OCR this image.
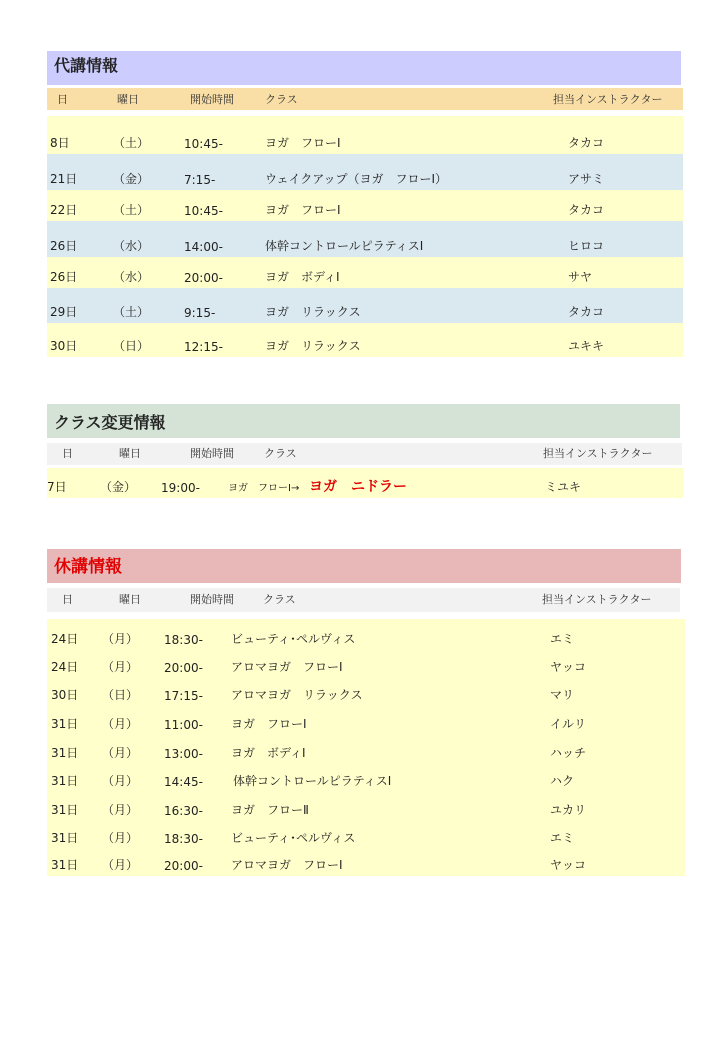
代講情報
日	曜日	開始時間	クラス	担当インストラクター
8日	（土）	10:45-	ヨガ　フローⅠ	タカコ
21日	（金）	7:15-	ウェイクアップ（ヨガ　フローⅠ）	アサミ
22日	（土）	10:45-	ヨガ　フローⅠ	タカコ
26日	（水）	14:00-	体幹コントロールピラティスⅠ	ヒロコ
26日	（水）	20:00-	ヨガ　ボディⅠ	サヤ
29日	（土）	9:15-	ヨガ　リラックス	タカコ
30日	（日）	12:15-	ヨガ　リラックス	ユキキ
クラス変更情報
日	曜日	開始時間	クラス	担当インストラクター
7日	（金） 19:00-	ヨガ　フローⅠ→ ヨガ　ニドラー	ミユキ
休講情報
日	曜日	開始時間	クラス	担当インストラクター
24日 （月） 18:30- ビューティ･ペルヴィス	エミ
24日 （月） 20:00- アロマヨガ　フローⅠ	ヤッコ
30日 （日） 17:15- アロマヨガ　リラックス	マリ
31日 （月） 11:00- ヨガ　フローⅠ	イルリ
31日 （月） 13:00- ヨガ　ボディⅠ	ハッチ
31日 （月） 14:45-	体幹コントロールピラティスⅠ	ハク
31日 （月） 16:30- ヨガ　フローⅡ	ユカリ
31日 （月） 18:30- ビューティ･ペルヴィス	エミ
31日 （月） 20:00- アロマヨガ　フローⅠ	ヤッコ
